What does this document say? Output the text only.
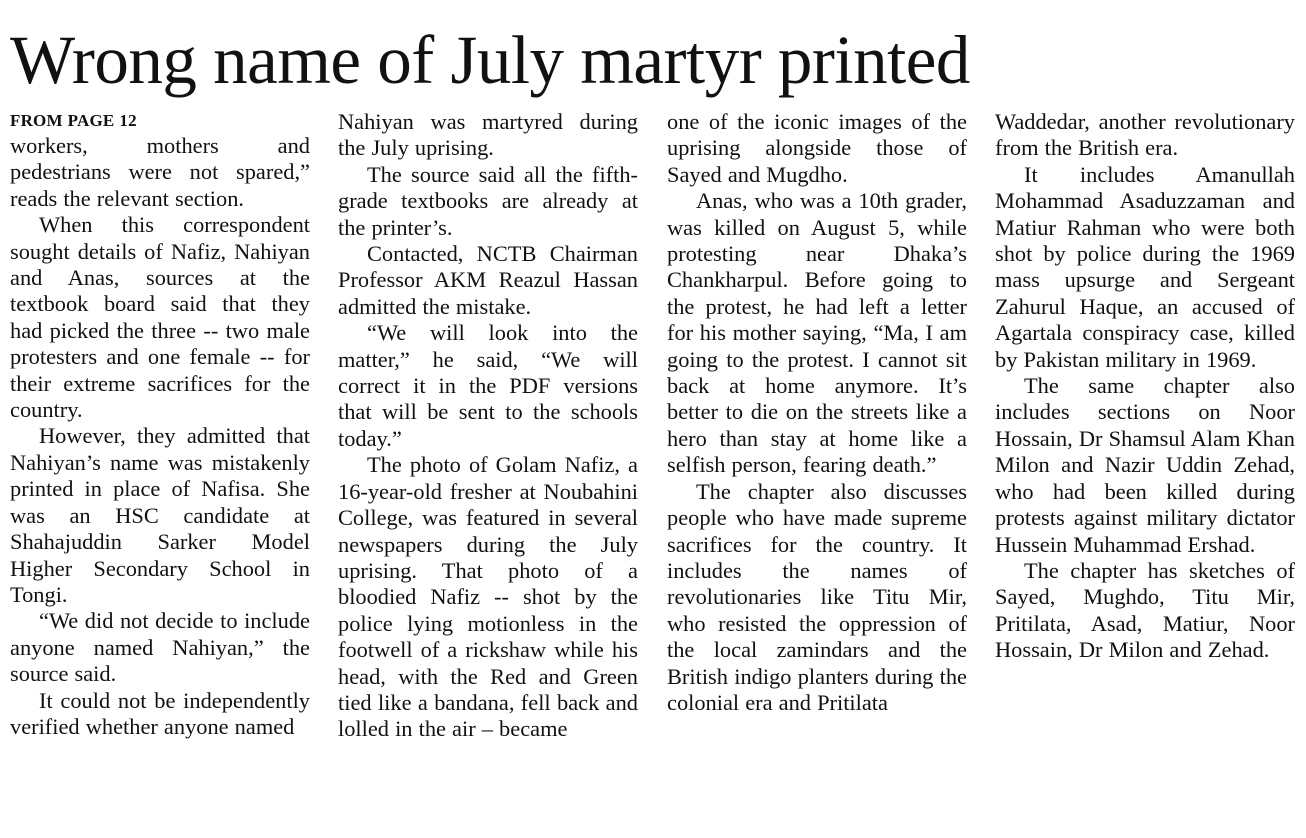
Wrong name of July martyr printed
FROM PAGE 12

workers, mothers and pedestrians were not spared,” reads the relevant section.

When this correspondent sought details of Nafiz, Nahiyan and Anas, sources at the textbook board said that they had picked the three -- two male protesters and one female -- for their extreme sacrifices for the country.

However, they admitted that Nahiyan’s name was mistakenly printed in place of Nafisa. She was an HSC candidate at Shahajuddin Sarker Model Higher Secondary School in Tongi.

“We did not decide to include anyone named Nahiyan,” the source said.

It could not be independently verified whether anyone named

Nahiyan was martyred during the July uprising.

The source said all the fifth-grade textbooks are already at the printer’s.

Contacted, NCTB Chairman Professor AKM Reazul Hassan admitted the mistake.

“We will look into the matter,” he said, “We will correct it in the PDF versions that will be sent to the schools today.”

The photo of Golam Nafiz, a 16-year-old fresher at Noubahini College, was featured in several newspapers during the July uprising. That photo of a bloodied Nafiz -- shot by the police lying motionless in the footwell of a rickshaw while his head, with the Red and Green tied like a bandana, fell back and lolled in the air – became

one of the iconic images of the uprising alongside those of Sayed and Mugdho.

Anas, who was a 10th grader, was killed on August 5, while protesting near Dhaka’s Chankharpul. Before going to the protest, he had left a letter for his mother saying, “Ma, I am going to the protest. I cannot sit back at home anymore. It’s better to die on the streets like a hero than stay at home like a selfish person, fearing death.”

The chapter also discusses people who have made supreme sacrifices for the country. It includes the names of revolutionaries like Titu Mir, who resisted the oppression of the local zamindars and the British indigo planters during the colonial era and Pritilata

Waddedar, another revolutionary from the British era.

It includes Amanullah Mohammad Asaduzzaman and Matiur Rahman who were both shot by police during the 1969 mass upsurge and Sergeant Zahurul Haque, an accused of Agartala conspiracy case, killed by Pakistan military in 1969.

The same chapter also includes sections on Noor Hossain, Dr Shamsul Alam Khan Milon and Nazir Uddin Zehad, who had been killed during protests against military dictator Hussein Muhammad Ershad.

The chapter has sketches of Sayed, Mughdo, Titu Mir, Pritilata, Asad, Matiur, Noor Hossain, Dr Milon and Zehad.
